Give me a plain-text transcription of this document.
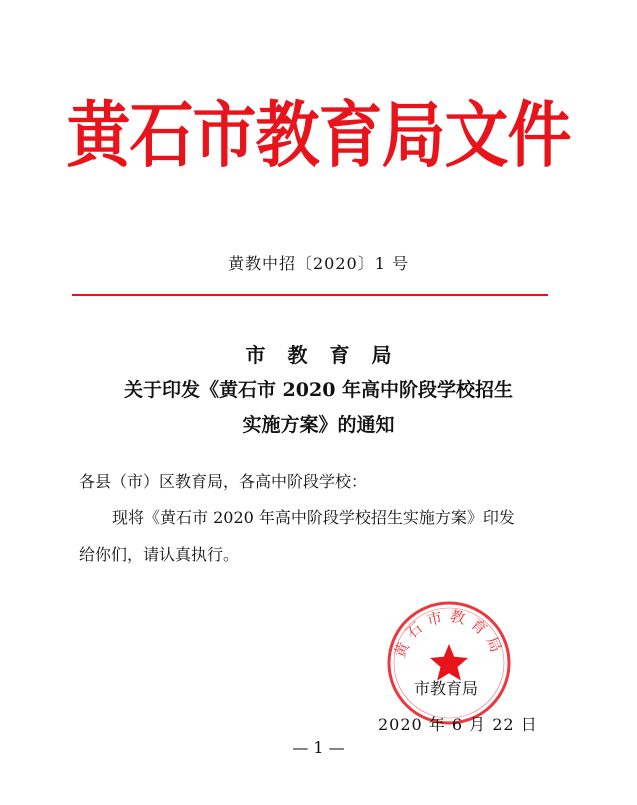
黄石市教育局文件
黄教中招〔2020〕1 号
市教育局
关于印发《黄石市 2020 年高中阶段学校招生
实施方案》的通知
各县（市）区教育局，各高中阶段学校：
现将《黄石市 2020 年高中阶段学校招生实施方案》印发
给你们，请认真执行。
黄石市教育局
市教育局
2020 年 6 月 22 日
— 1 —
